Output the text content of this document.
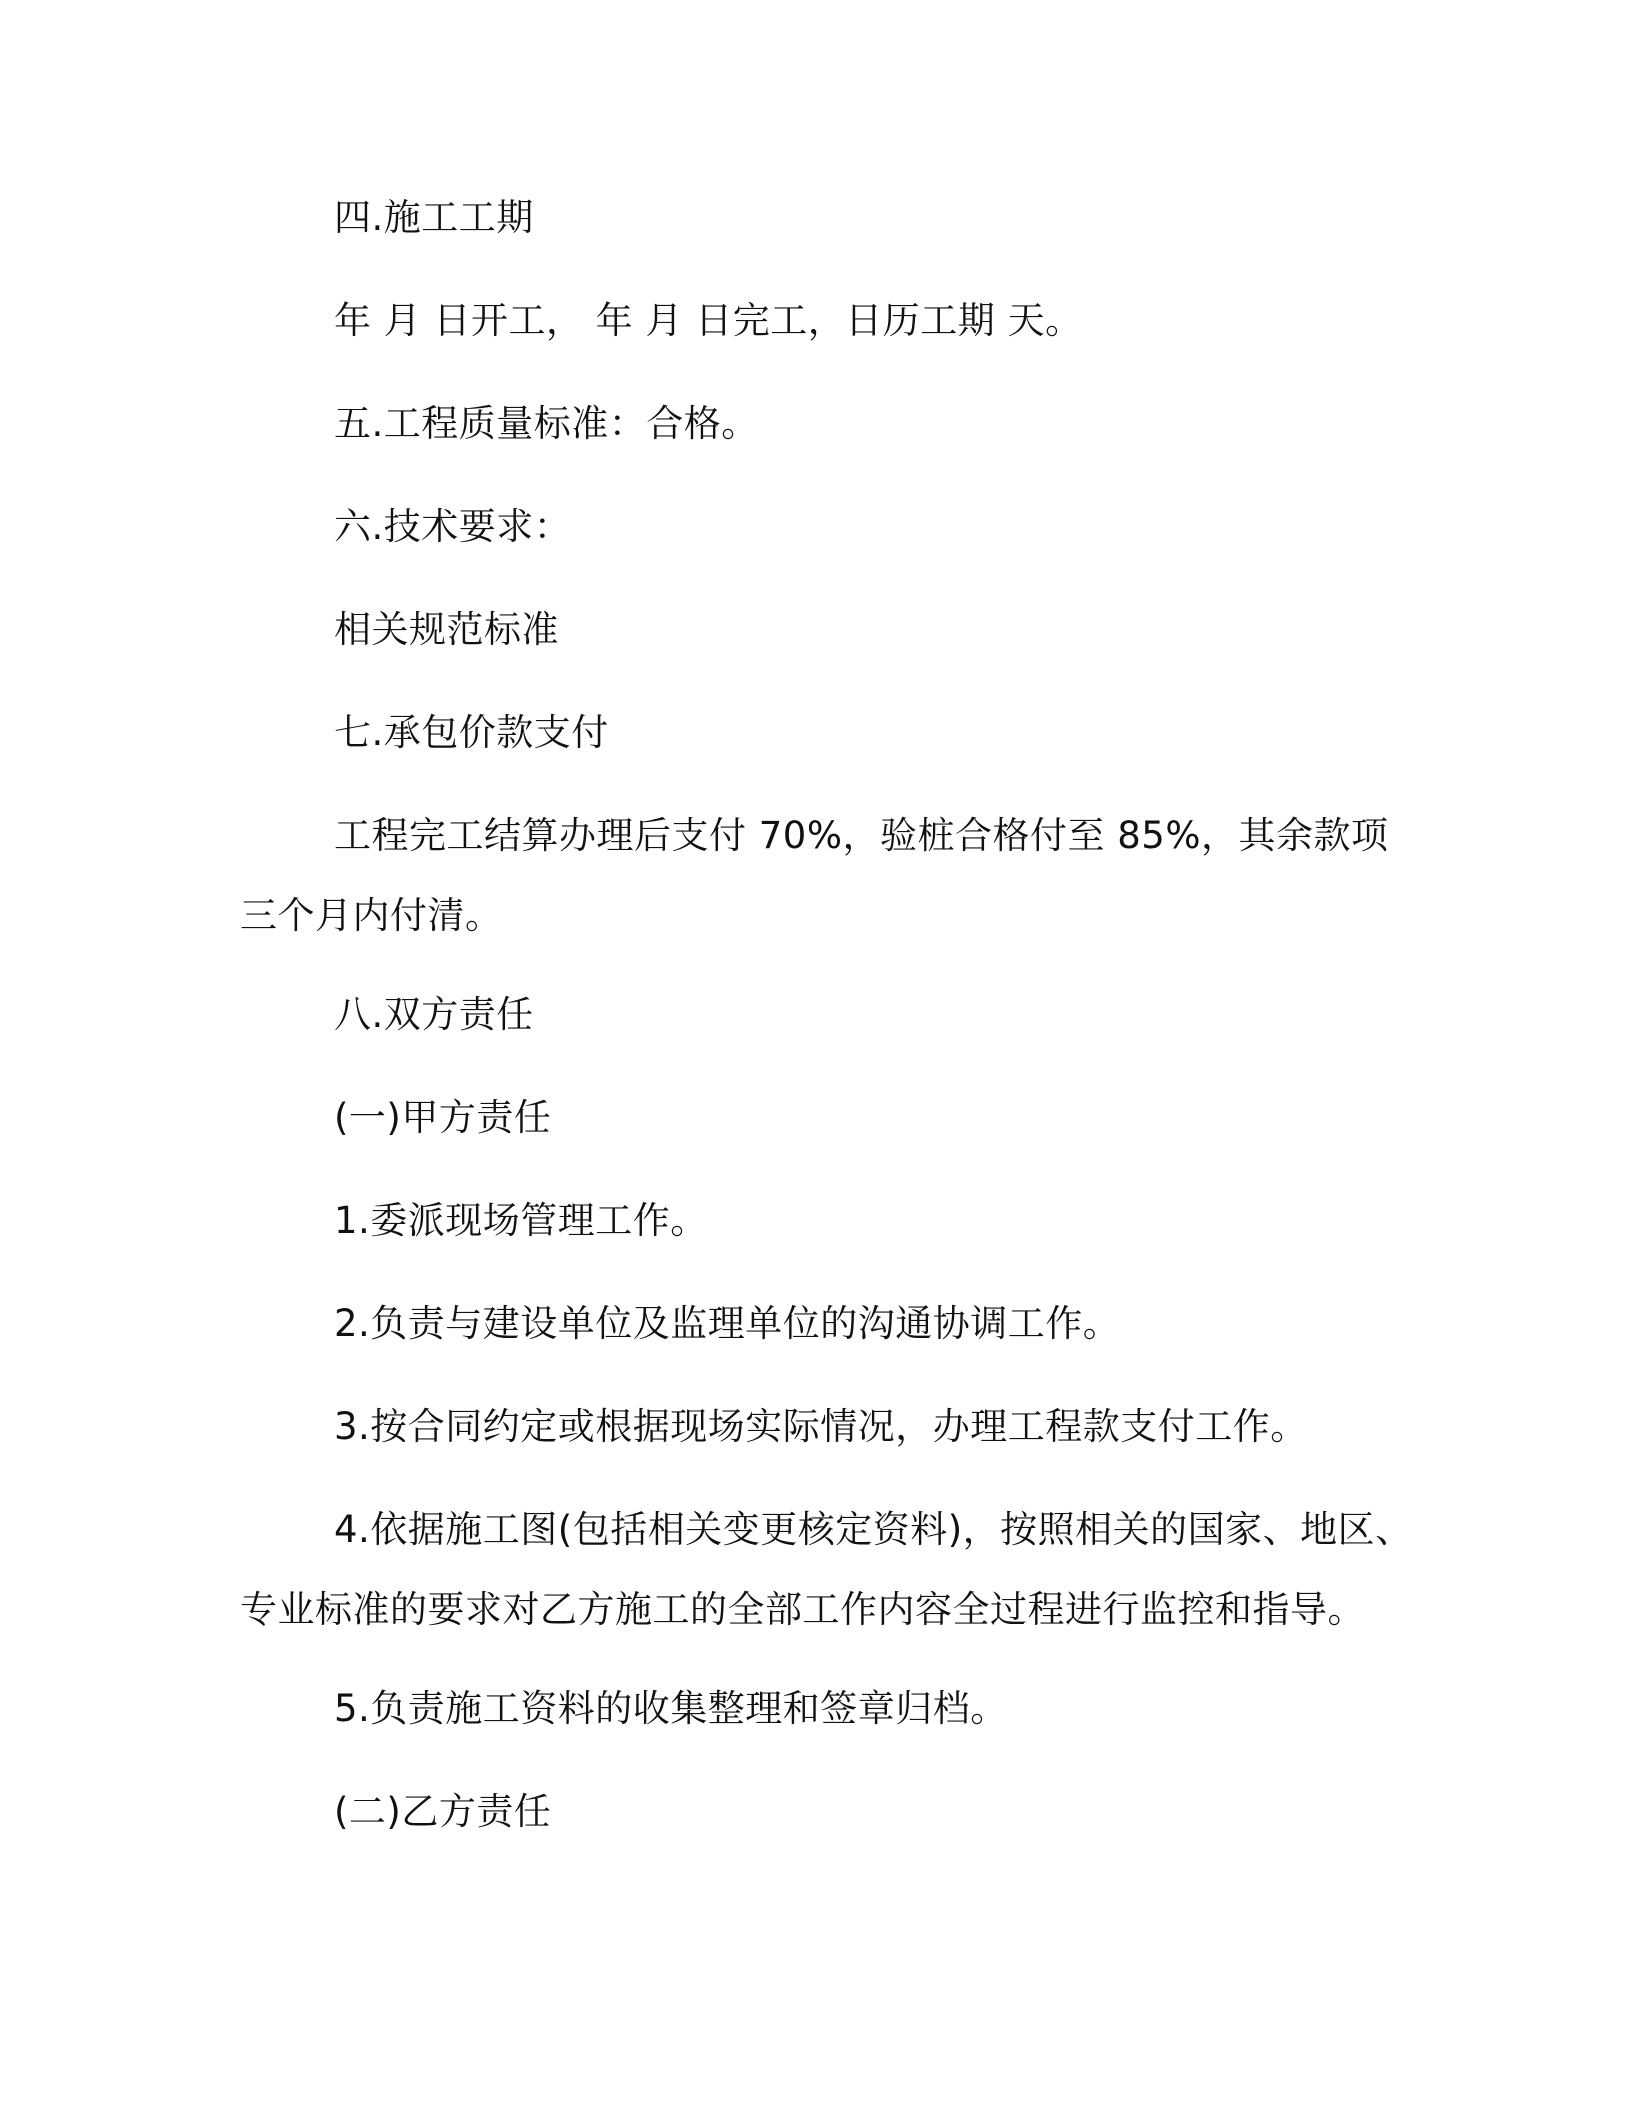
四.施工工期
年 月 日开工， 年 月 日完工，日历工期 天。
五.工程质量标准：合格。
六.技术要求：
相关规范标准
七.承包价款支付
工程完工结算办理后支付 70%，验桩合格付至 85%，其余款项
三个月内付清。
八.双方责任
(一)甲方责任
1.委派现场管理工作。
2.负责与建设单位及监理单位的沟通协调工作。
3.按合同约定或根据现场实际情况，办理工程款支付工作。
4.依据施工图(包括相关变更核定资料)，按照相关的国家、地区、
专业标准的要求对乙方施工的全部工作内容全过程进行监控和指导。
5.负责施工资料的收集整理和签章归档。
(二)乙方责任
